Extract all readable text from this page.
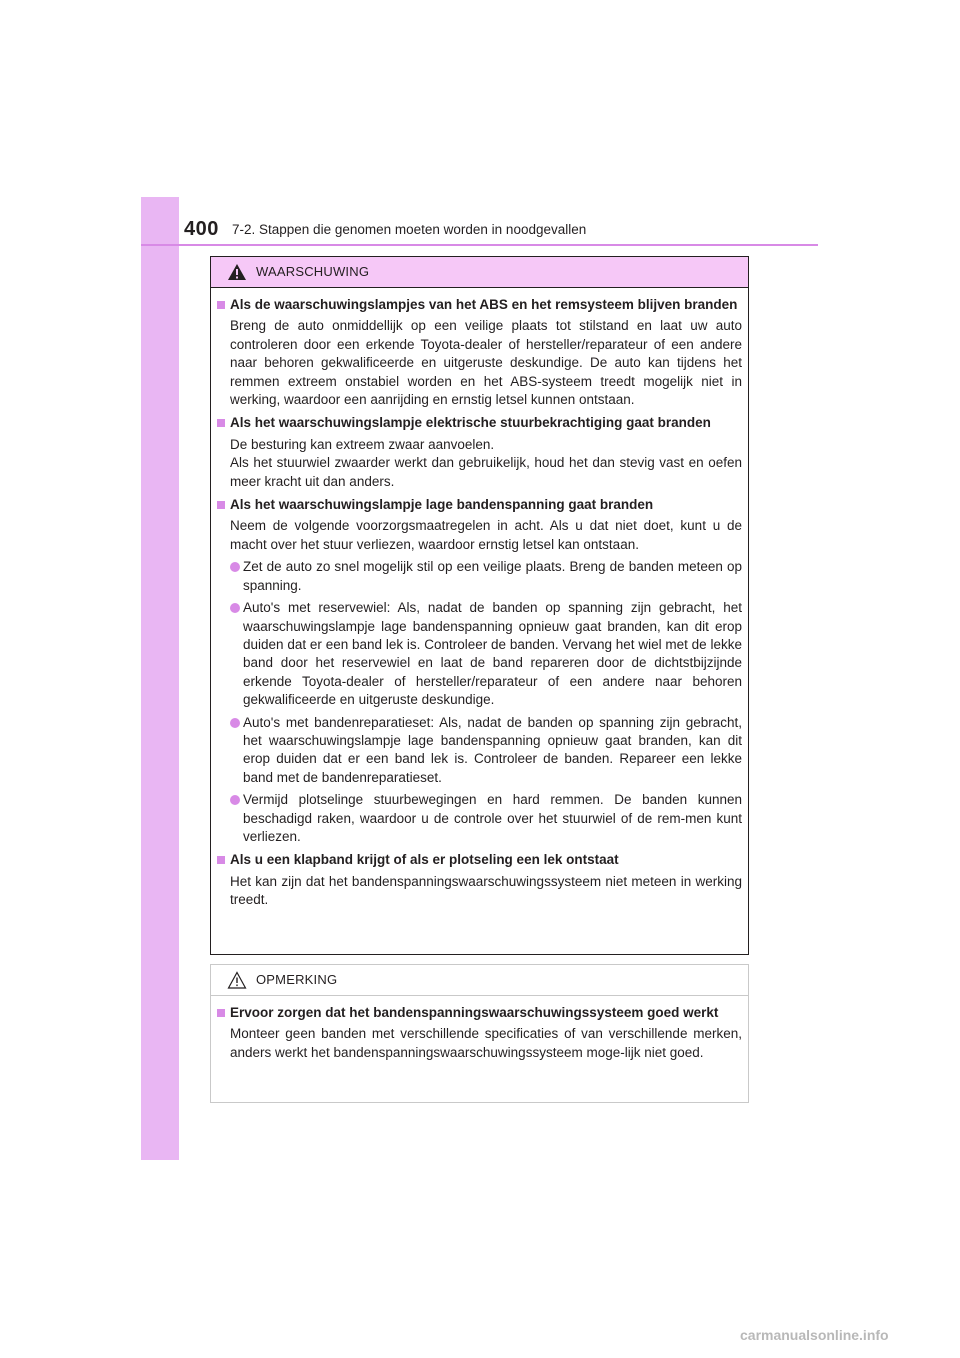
400 7-2. Stappen die genomen moeten worden in noodgevallen
WAARSCHUWING
Als de waarschuwingslampjes van het ABS en het remsysteem blijven branden
Breng de auto onmiddellijk op een veilige plaats tot stilstand en laat uw auto controleren door een erkende Toyota-dealer of hersteller/reparateur of een andere naar behoren gekwalificeerde en uitgeruste deskundige. De auto kan tijdens het remmen extreem onstabiel worden en het ABS-systeem treedt mogelijk niet in werking, waardoor een aanrijding en ernstig letsel kunnen ontstaan.
Als het waarschuwingslampje elektrische stuurbekrachtiging gaat branden
De besturing kan extreem zwaar aanvoelen.
Als het stuurwiel zwaarder werkt dan gebruikelijk, houd het dan stevig vast en oefen meer kracht uit dan anders.
Als het waarschuwingslampje lage bandenspanning gaat branden
Neem de volgende voorzorgsmaatregelen in acht. Als u dat niet doet, kunt u de macht over het stuur verliezen, waardoor ernstig letsel kan ontstaan.
Zet de auto zo snel mogelijk stil op een veilige plaats. Breng de banden meteen op spanning.
Auto's met reservewiel: Als, nadat de banden op spanning zijn gebracht, het waarschuwingslampje lage bandenspanning opnieuw gaat branden, kan dit erop duiden dat er een band lek is. Controleer de banden. Vervang het wiel met de lekke band door het reservewiel en laat de band repareren door de dichtstbijzijnde erkende Toyota-dealer of hersteller/reparateur of een andere naar behoren gekwalificeerde en uitgeruste deskundige.
Auto's met bandenreparatieset: Als, nadat de banden op spanning zijn gebracht, het waarschuwingslampje lage bandenspanning opnieuw gaat branden, kan dit erop duiden dat er een band lek is. Controleer de banden. Repareer een lekke band met de bandenreparatieset.
Vermijd plotselinge stuurbewegingen en hard remmen. De banden kunnen beschadigd raken, waardoor u de controle over het stuurwiel of de rem-men kunt verliezen.
Als u een klapband krijgt of als er plotseling een lek ontstaat
Het kan zijn dat het bandenspanningswaarschuwingssysteem niet meteen in werking treedt.
OPMERKING
Ervoor zorgen dat het bandenspanningswaarschuwingssysteem goed werkt
Monteer geen banden met verschillende specificaties of van verschillende merken, anders werkt het bandenspanningswaarschuwingssysteem moge-lijk niet goed.
carmanualsonline.info
